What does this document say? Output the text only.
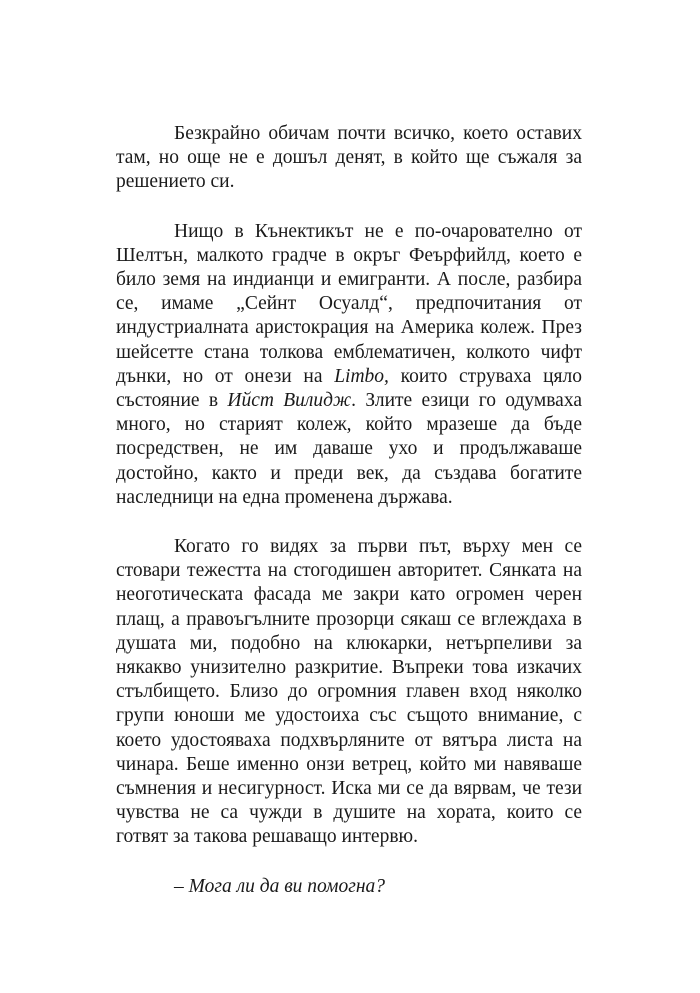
Безкрайно обичам почти всичко, което оставих там, но още не е дошъл денят, в който ще съжаля за решението си.

Нищо в Кънектикът не е по-очарователно от Шелтън, малкото градче в окръг Феърфийлд, което е било земя на индианци и емигранти. А после, разбира се, имаме „Сейнт Осуалд“, предпочитания от индустриалната аристокрация на Америка колеж. През шейсетте стана толкова емблематичен, колкото чифт дънки, но от онези на Limbo, които струваха цяло състояние в Ийст Вилидж. Злите езици го одумваха много, но старият колеж, който мразеше да бъде посредствен, не им даваше ухо и продължаваше достойно, както и преди век, да създава богатите наследници на една променена държава.

Когато го видях за първи път, върху мен се стовари тежестта на стогодишен авторитет. Сянката на неоготическата фасада ме закри като огромен черен плащ, а правоъгълните прозорци сякаш се вглеждаха в душата ми, подобно на клюкарки, нетърпеливи за някакво унизително разкритие. Въпреки това изкачих стълбището. Близо до огромния главен вход няколко групи юноши ме удостоиха със същото внимание, с което удостояваха подхвърляните от вятъра листа на чинара. Беше именно онзи ветрец, който ми навяваше съмнения и несигурност. Иска ми се да вярвам, че тези чувства не са чужди в душите на хората, които се готвят за такова решаващо интервю.

– Мога ли да ви помогна?
